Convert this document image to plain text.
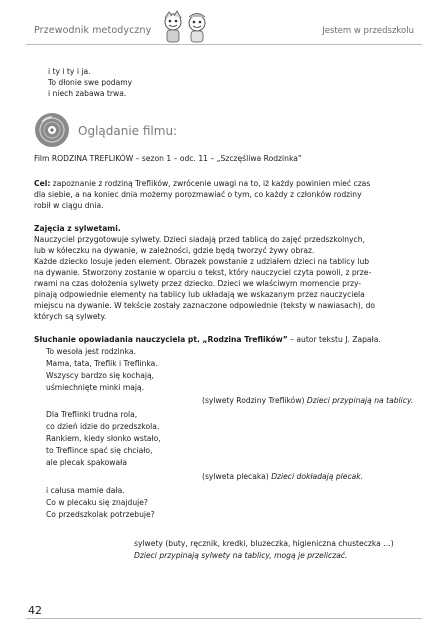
Przewodnik metodyczny	Jestem w przedszkolu
i ty i ty i ja.
To dłonie swe podamy
i niech zabawa trwa.
Oglądanie filmu:
Film RODZINA TREFLIKÓW – sezon 1 – odc. 11 – „Szczęśliwa Rodzinka”
Cel: zapoznanie z rodziną Treflików, zwrócenie uwagi na to, iż każdy powinien mieć czas
dla siebie, a na koniec dnia możemy porozmawiać o tym, co każdy z członków rodziny
robił w ciągu dnia.
Zajęcia z sylwetami.
Nauczyciel przygotowuje sylwety. Dzieci siadają przed tablicą do zajęć przedszkolnych,
lub w kółeczku na dywanie, w zależności, gdzie będą tworzyć żywy obraz.
Każde dziecko losuje jeden element. Obrazek powstanie z udziałem dzieci na tablicy lub
na dywanie. Stworzony zostanie w oparciu o tekst, który nauczyciel czyta powoli, z prze-
rwami na czas dołożenia sylwety przez dziecko. Dzieci we właściwym momencie przy-
pinają odpowiednie elementy na tablicy lub układają we wskazanym przez nauczyciela
miejscu na dywanie. W tekście zostały zaznaczone odpowiednie (teksty w nawiasach), do
których są sylwety.
Słuchanie opowiadania nauczyciela pt. „Rodzina Treflików” – autor tekstu J. Zapała.
To wesoła jest rodzinka.
Mama, tata, Treflik i Treflinka.
Wszyscy bardzo się kochają,
uśmiechnięte minki mają.
(sylwety Rodziny Treflików) Dzieci przypinają na tablicy.
Dla Treflinki trudna rola,
co dzień idzie do przedszkola.
Rankiem, kiedy słonko wstało,
to Treflince spać się chciało,
ale plecak spakowała
(sylweta plecaka) Dzieci dokładają plecak.
i całusa mamie dała.
Co w plecaku się znajduje?
Co przedszkolak potrzebuje?
sylwety (buty, ręcznik, kredki, bluzeczka, higieniczna chusteczka …)
Dzieci przypinają sylwety na tablicy, mogą je przeliczać.
42
